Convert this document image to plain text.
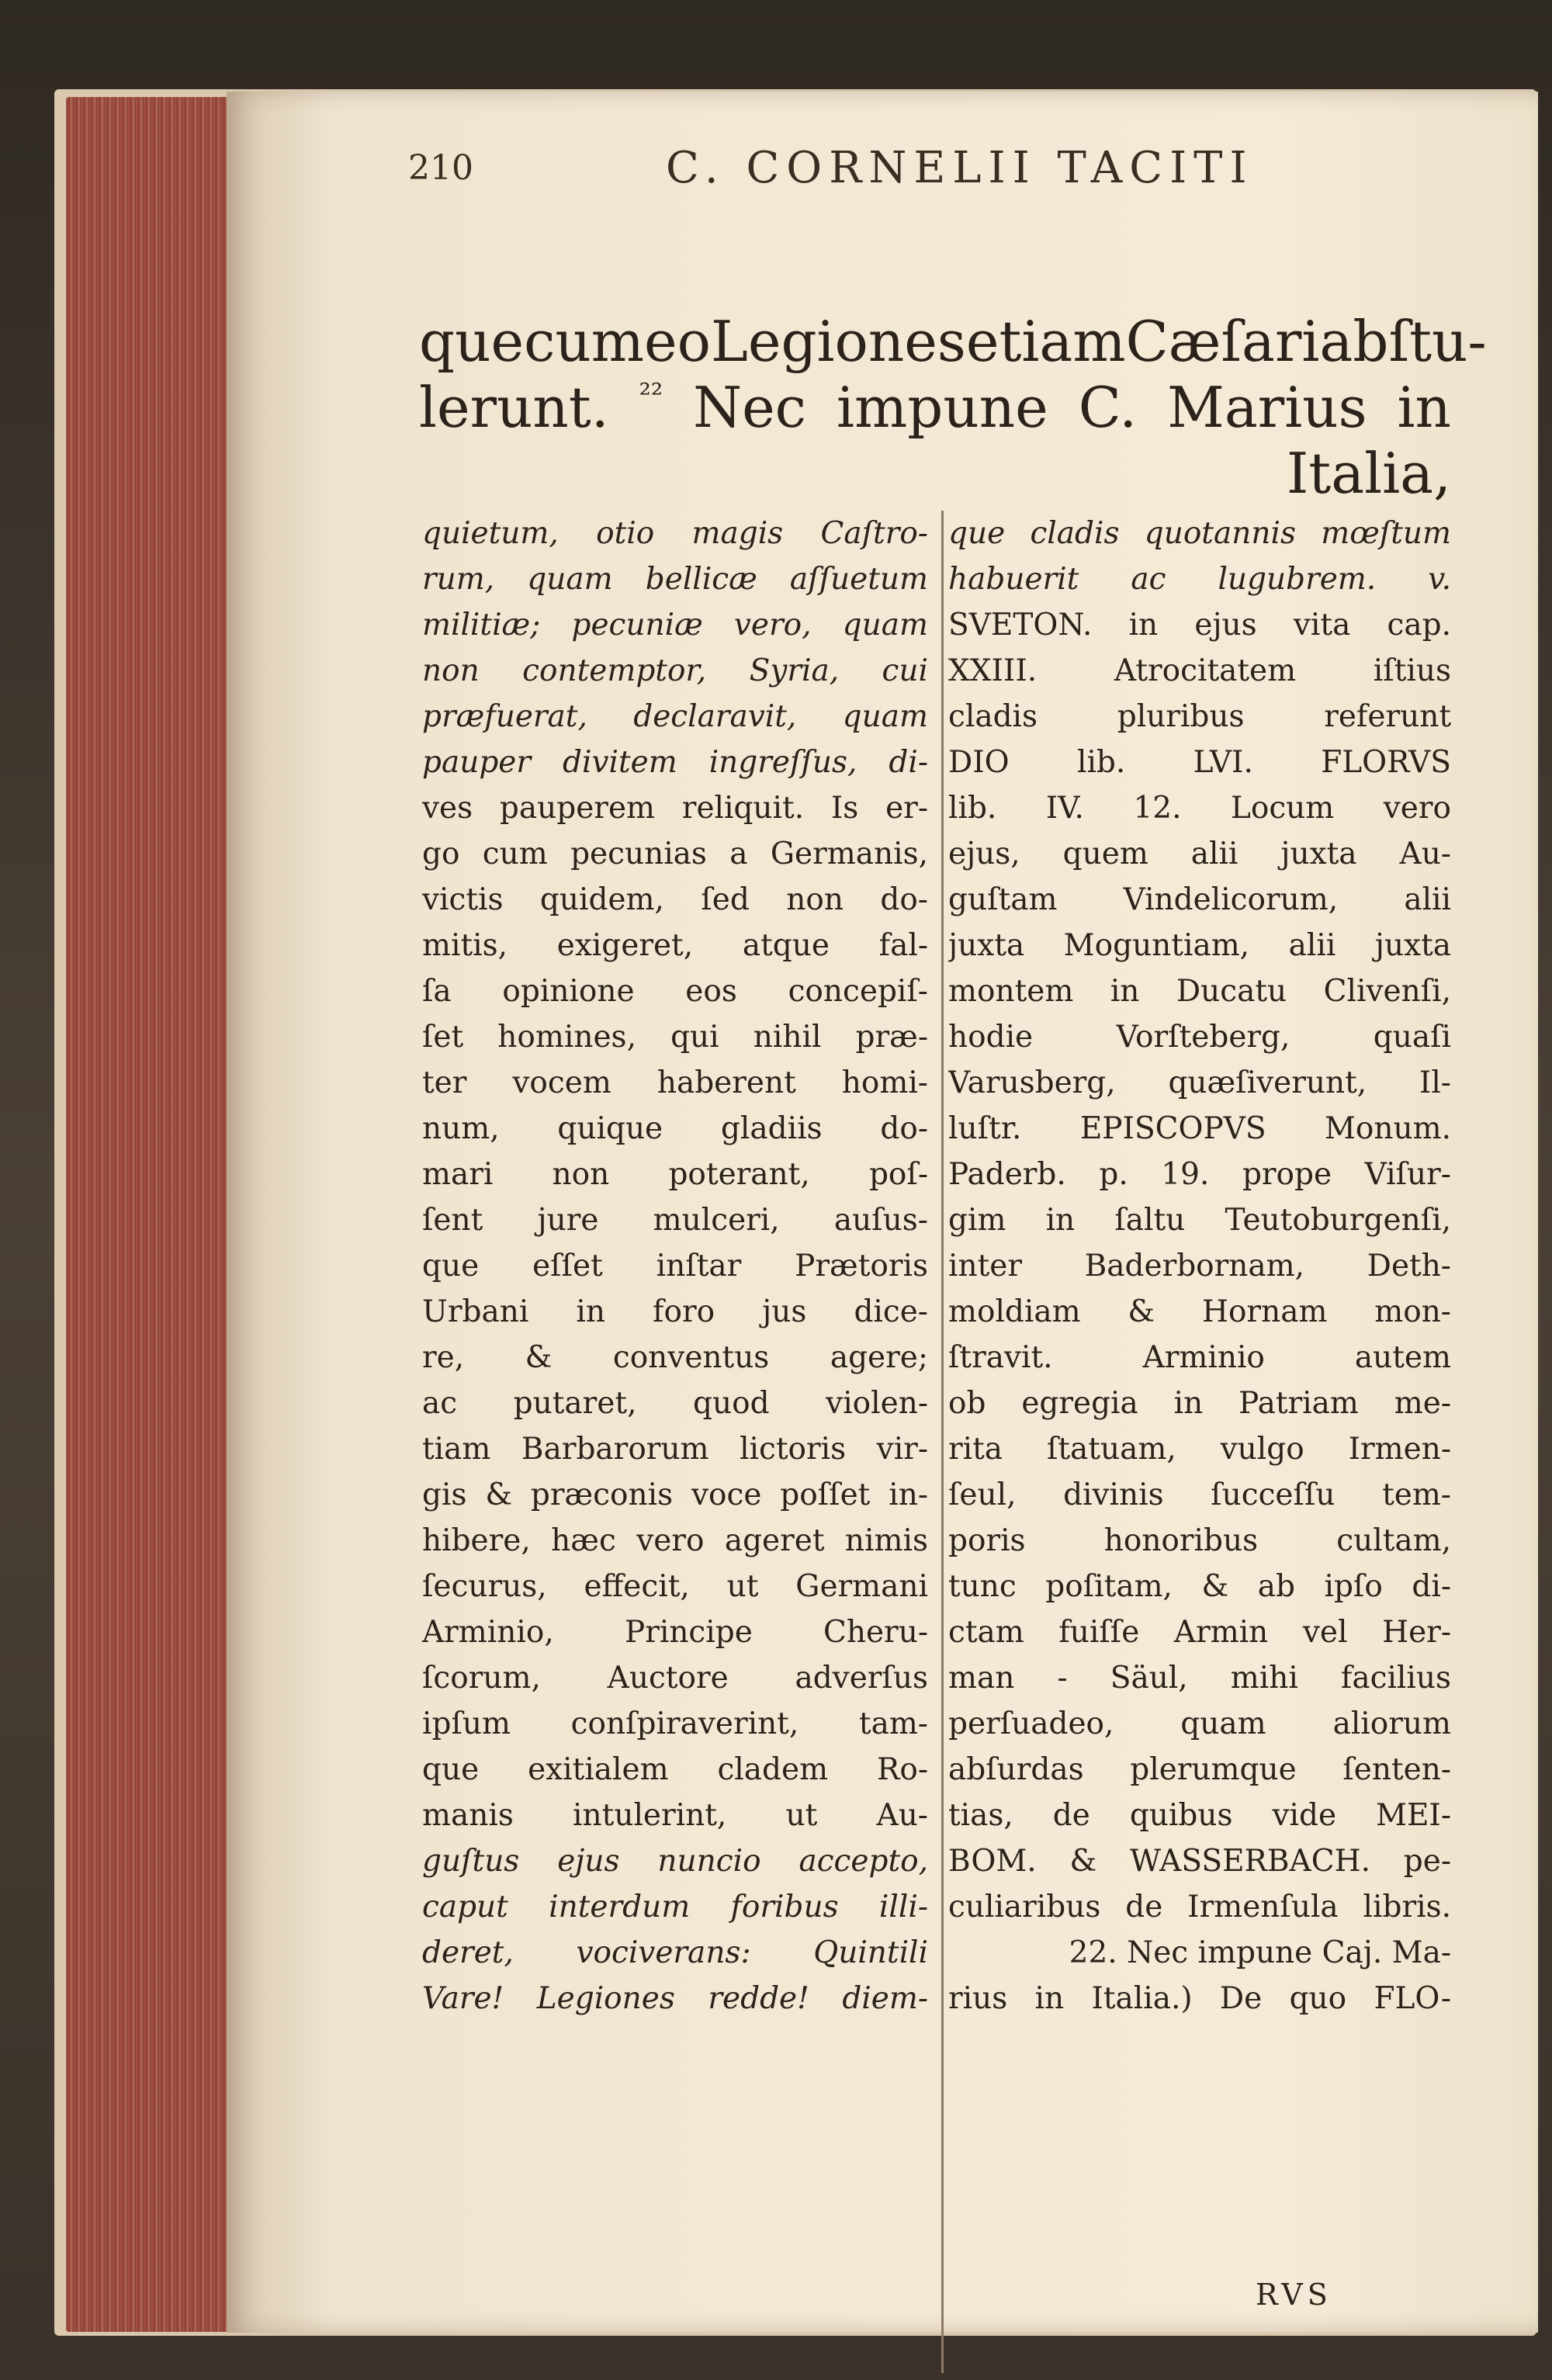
210	C. CORNELII TACITI
que cum eo Legiones etiam Cæſari abſtu-
lerunt. ²² Nec impune C. Marius in
Italia,
quietum, otio magis Caſtro-
rum, quam bellicæ aſſuetum
militiæ; pecuniæ vero, quam
non contemptor, Syria, cui
præfuerat, declaravit, quam
pauper divitem ingreſſus, di-
ves pauperem reliquit. Is er-
go cum pecunias a Germanis,
victis quidem, ſed non do-
mitis, exigeret, atque fal-
ſa opinione eos concepiſ-
ſet homines, qui nihil præ-
ter vocem haberent homi-
num, quique gladiis do-
mari non poterant, poſ-
ſent jure mulceri, auſus-
que eſſet inſtar Prætoris
Urbani in foro jus dice-
re, & conventus agere;
ac putaret, quod violen-
tiam Barbarorum lictoris vir-
gis & præconis voce poſſet in-
hibere, hæc vero ageret nimis
ſecurus, effecit, ut Germani
Arminio, Principe Cheru-
ſcorum, Auctore adverſus
ipſum conſpiraverint, tam-
que exitialem cladem Ro-
manis intulerint, ut Au-
guſtus ejus nuncio accepto,
caput interdum foribus illi-
deret, vociverans: Quintili
Vare! Legiones redde! diem-
que cladis quotannis mœſtum
habuerit ac lugubrem. v.
SVETON. in ejus vita cap.
XXIII. Atrocitatem iſtius
cladis pluribus referunt
DIO lib. LVI. FLORVS
lib. IV. 12. Locum vero
ejus, quem alii juxta Au-
guſtam Vindelicorum, alii
juxta Moguntiam, alii juxta
montem in Ducatu Clivenſi,
hodie Vorſteberg, quaſi
Varusberg, quæſiverunt, Il-
luſtr. EPISCOPVS Monum.
Paderb. p. 19. prope Viſur-
gim in ſaltu Teutoburgenſi,
inter Baderbornam, Deth-
moldiam & Hornam mon-
ſtravit. Arminio autem
ob egregia in Patriam me-
rita ſtatuam, vulgo Irmen-
ſeul, divinis ſucceſſu tem-
poris honoribus cultam,
tunc poſitam, & ab ipſo di-
ctam fuiſſe Armin vel Her-
man - Säul, mihi facilius
perſuadeo, quam aliorum
abſurdas plerumque ſenten-
tias, de quibus vide MEI-
BOM. & WASSERBACH. pe-
culiaribus de Irmenſula libris.
22. Nec impune Caj. Ma-
rius in Italia.) De quo FLO-
RVS
